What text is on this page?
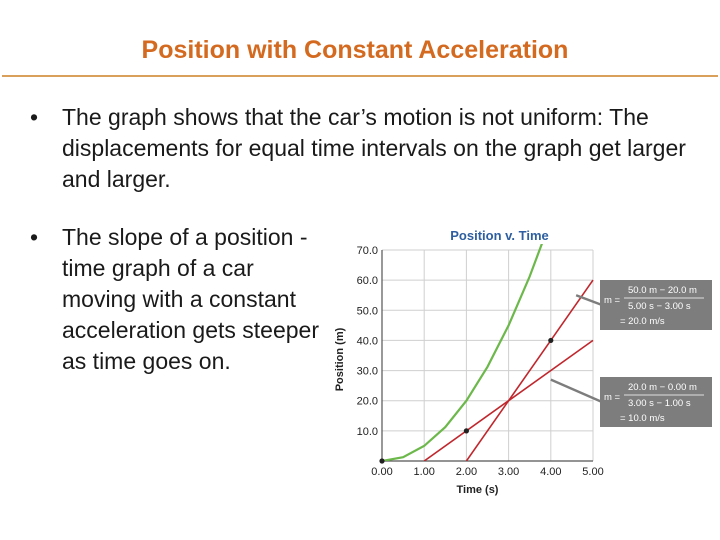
Position with Constant Acceleration
• The graph shows that the car’s motion is not uniform: The displacements for equal time intervals on the graph get larger and larger.
• The slope of a position -time graph of a car moving with a constant acceleration gets steeper as time goes on.
0.00 1.00 2.00 3.00 4.00 5.00
10.0
20.0
30.0
40.0
50.0
60.0
70.0
m =
50.0 m − 20.0 m
5.00 s − 3.00 s
= 20.0 m/s
m =
20.0 m − 0.00 m
3.00 s − 1.00 s
= 10.0 m/s
Position v. Time
Time (s)
Position (m)
